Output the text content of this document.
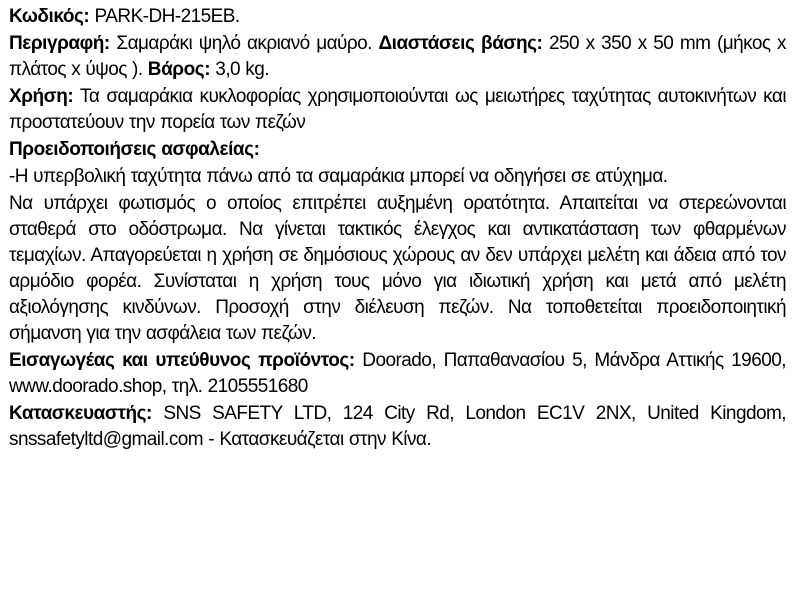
Κωδικός: PARK-DH-215EB.

Περιγραφή: Σαμαράκι ψηλό ακριανό μαύρο. Διαστάσεις βάσης: 250 x 350 x 50 mm (μήκος x πλάτος x ύψος ). Βάρος: 3,0 kg.

Χρήση: Τα σαμαράκια κυκλοφορίας χρησιμοποιούνται ως μειωτήρες ταχύτητας αυτοκινήτων και προστατεύουν την πορεία των πεζών

Προειδοποιήσεις ασφαλείας:

-Η υπερβολική ταχύτητα πάνω από τα σαμαράκια μπορεί να οδηγήσει σε ατύχημα.

Να υπάρχει φωτισμός ο οποίος επιτρέπει αυξημένη ορατότητα. Απαιτείται να στερεώνονται σταθερά στο οδόστρωμα. Να γίνεται τακτικός έλεγχος και αντικατάσταση των φθαρμένων τεμαχίων. Απαγορεύεται η χρήση σε δημόσιους χώρους αν δεν υπάρχει μελέτη και άδεια από τον αρμόδιο φορέα. Συνίσταται η χρήση τους μόνο για ιδιωτική χρήση και μετά από μελέτη αξιολόγησης κινδύνων. Προσοχή στην διέλευση πεζών. Να τοποθετείται προειδοποιητική σήμανση για την ασφάλεια των πεζών.

Εισαγωγέας και υπεύθυνος προϊόντος: Doorado, Παπαθανασίου 5, Μάνδρα Αττικής 19600, www.doorado.shop, τηλ. 2105551680

Κατασκευαστής: SNS SAFETY LTD, 124 City Rd, London EC1V 2NX, United Kingdom, snssafetyltd@gmail.com - Κατασκευάζεται στην Κίνα.
